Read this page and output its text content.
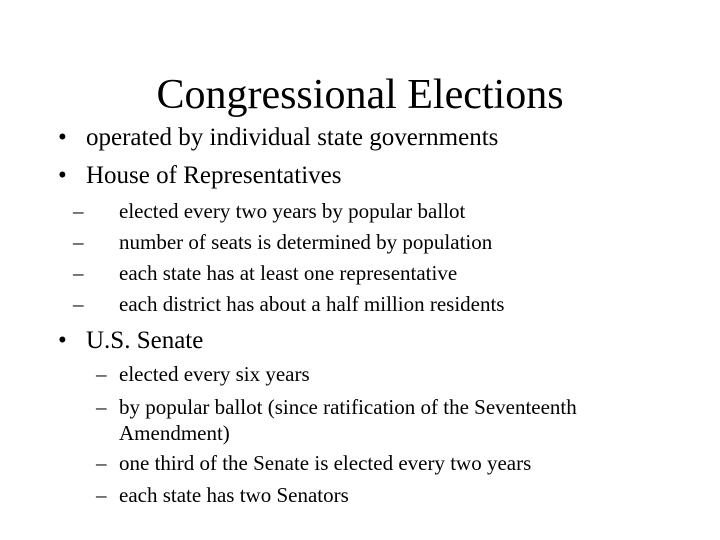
Congressional Elections
• operated by individual state governments
• House of Representatives
– elected every two years by popular ballot
– number of seats is determined by population
– each state has at least one representative
– each district has about a half million residents
• U.S. Senate
– elected every six years
– by popular ballot (since ratification of the Seventeenth
Amendment)
– one third of the Senate is elected every two years
– each state has two Senators
